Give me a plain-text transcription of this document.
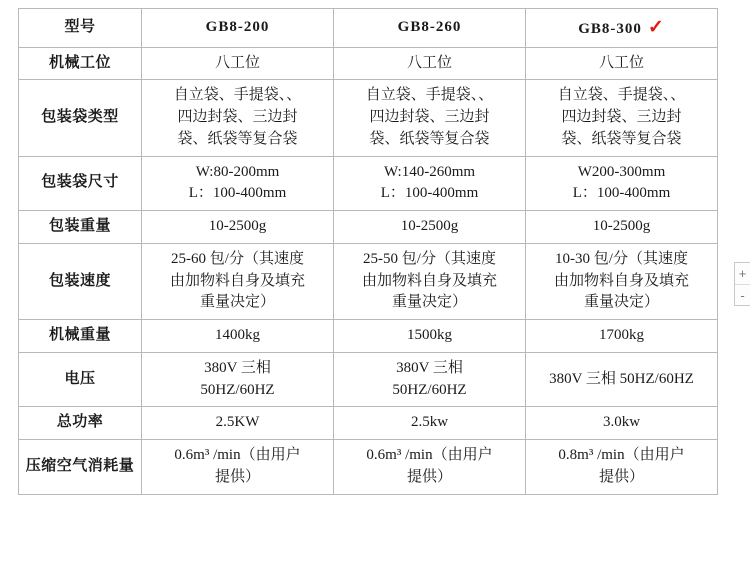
型号	GB8-200	GB8-260	GB8-300 ✓
机械工位	八工位	八工位	八工位

包装袋类型	自立袋、手提袋、、
四边封袋、三边封
袋、纸袋等复合袋	自立袋、手提袋、、
四边封袋、三边封
袋、纸袋等复合袋	自立袋、手提袋、、
四边封袋、三边封
袋、纸袋等复合袋

包装袋尺寸	W:80-200mm
L：100-400mm	W:140-260mm
L：100-400mm	W200-300mm
L：100-400mm

包装重量	10-2500g	10-2500g	10-2500g

包装速度	25-60 包/分（其速度
由加物料自身及填充
重量决定）	25-50 包/分（其速度
由加物料自身及填充
重量决定）	10-30 包/分（其速度
由加物料自身及填充
重量决定）

机械重量	1400kg	1500kg	1700kg

电压	380V 三相
50HZ/60HZ	380V 三相
50HZ/60HZ	380V 三相 50HZ/60HZ

总功率	2.5KW	2.5kw	3.0kw

压缩空气消耗量	0.6m³ /min（由用户
提供）	0.6m³ /min（由用户
提供）	0.8m³ /min（由用户
提供）
+
-
